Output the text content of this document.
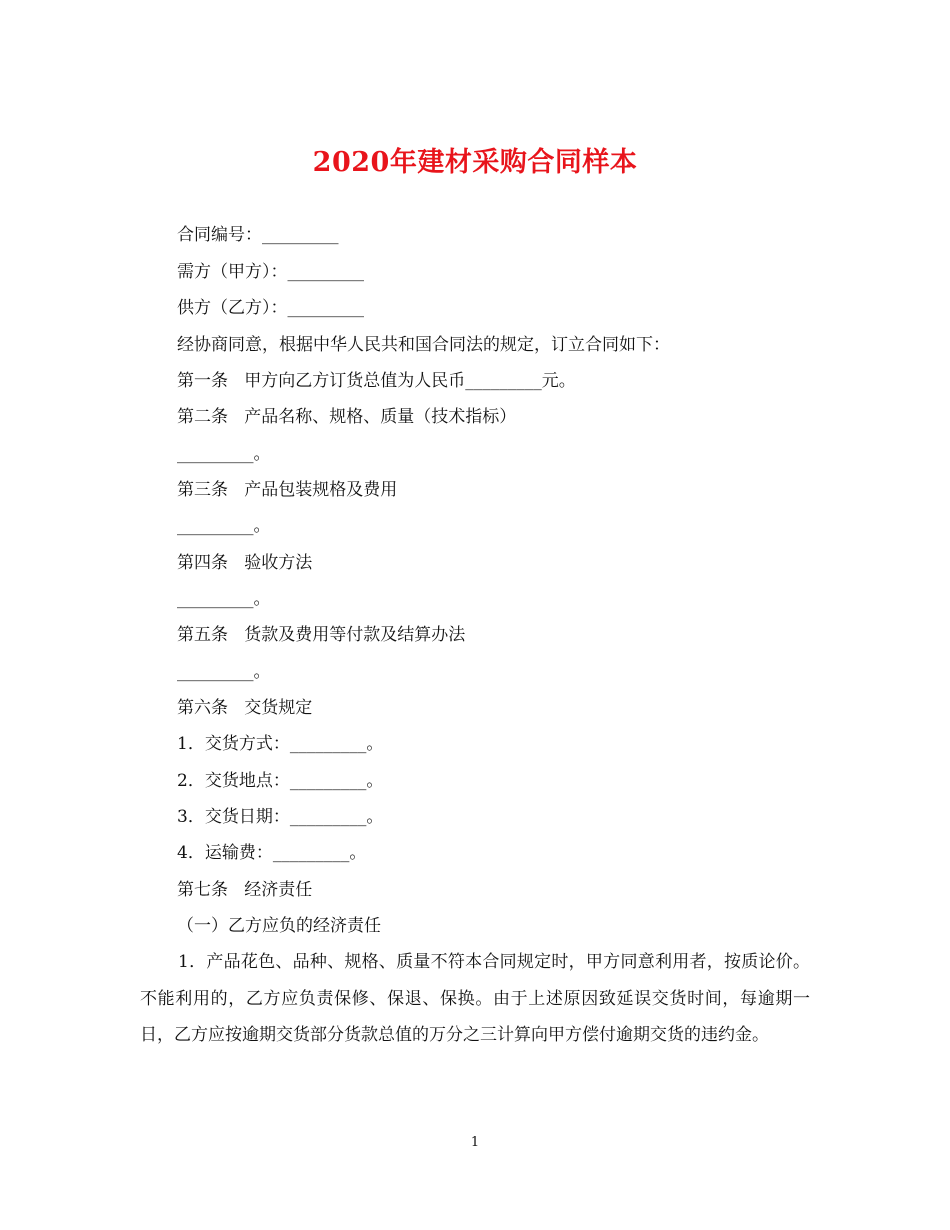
2020年建材采购合同样本
合同编号：_________
需方（甲方）：_________
供方（乙方）：_________
经协商同意，根据中华人民共和国合同法的规定，订立合同如下：
第一条   甲方向乙方订货总值为人民币_________元。
第二条   产品名称、规格、质量（技术指标）
_________。
第三条   产品包装规格及费用
_________。
第四条   验收方法
_________。
第五条   货款及费用等付款及结算办法
_________。
第六条   交货规定
1．交货方式：_________。
2．交货地点：_________。
3．交货日期：_________。
4．运输费：_________。
第七条   经济责任
（一）乙方应负的经济责任
1．产品花色、品种、规格、质量不符本合同规定时，甲方同意利用者，按质论价。不能利用的，乙方应负责保修、保退、保换。由于上述原因致延误交货时间，每逾期一日，乙方应按逾期交货部分货款总值的万分之三计算向甲方偿付逾期交货的违约金。
1
